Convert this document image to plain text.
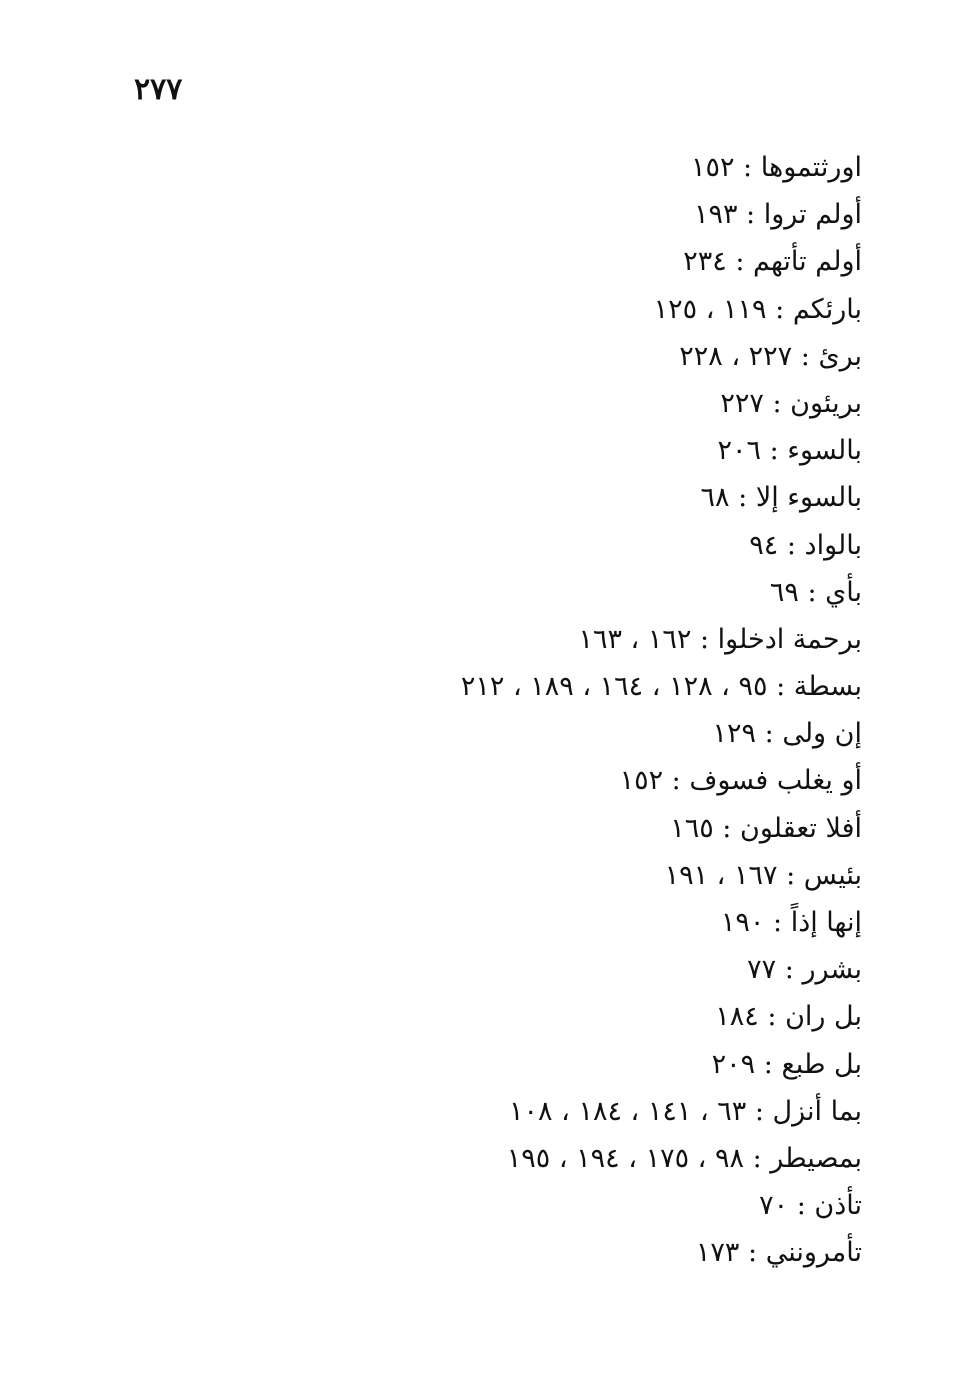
٢٧٧
اورثتموها : ١٥٢
أولم تروا : ١٩٣
أولم تأتهم : ٢٣٤
بارئكم : ١١٩ ، ١٢٥
برئ : ٢٢٧ ، ٢٢٨
بريئون : ٢٢٧
بالسوء : ٢٠٦
بالسوء إلا : ٦٨
بالواد : ٩٤
بأي : ٦٩
برحمة ادخلوا : ١٦٢ ، ١٦٣
بسطة : ٩٥ ، ١٢٨ ، ١٦٤ ، ١٨٩ ، ٢١٢
إن ولى : ١٢٩
أو يغلب فسوف : ١٥٢
أفلا تعقلون : ١٦٥
بئيس : ١٦٧ ، ١٩١
إنها إذاً : ١٩٠
بشرر : ٧٧
بل ران : ١٨٤
بل طبع : ٢٠٩
بما أنزل : ٦٣ ، ١٤١ ، ١٨٤ ، ١٠٨
بمصيطر : ٩٨ ، ١٧٥ ، ١٩٤ ، ١٩٥
تأذن : ٧٠
تأمرونني : ١٧٣
